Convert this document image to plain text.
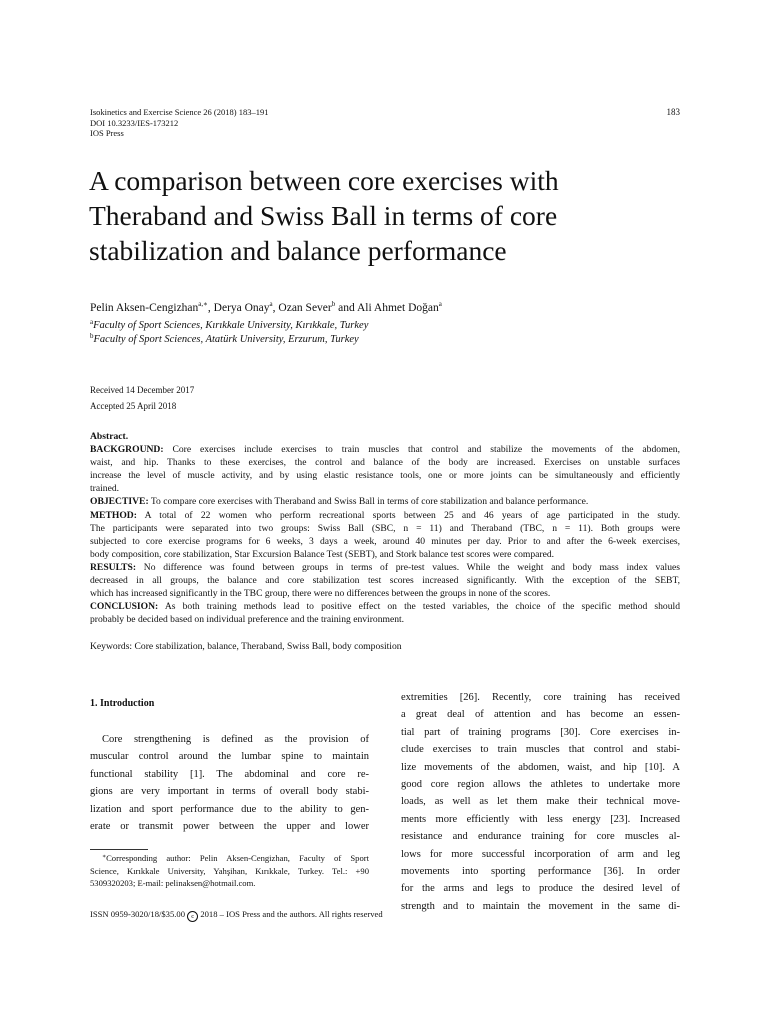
Isokinetics and Exercise Science 26 (2018) 183–191
DOI 10.3233/IES-173212
IOS Press
183
A comparison between core exercises with
Theraband and Swiss Ball in terms of core
stabilization and balance performance
Pelin Aksen-Cengizhan$^{a,∗}$, Derya Onay$^a$, Ozan Sever$^b$ and Ali Ahmet Doğan$^a$
$^a$Faculty of Sport Sciences, Kırıkkale University, Kırıkkale, Turkey
$^b$Faculty of Sport Sciences, Atatürk University, Erzurum, Turkey
Received 14 December 2017
Accepted 25 April 2018
Abstract.
BACKGROUND: Core exercises include exercises to train muscles that control and stabilize the movements of the abdomen,
waist, and hip. Thanks to these exercises, the control and balance of the body are increased. Exercises on unstable surfaces
increase the level of muscle activity, and by using elastic resistance tools, one or more joints can be simultaneously and efficiently
trained.
OBJECTIVE: To compare core exercises with Theraband and Swiss Ball in terms of core stabilization and balance performance.
METHOD: A total of 22 women who perform recreational sports between 25 and 46 years of age participated in the study.
The participants were separated into two groups: Swiss Ball (SBC, n = 11) and Theraband (TBC, n = 11). Both groups were
subjected to core exercise programs for 6 weeks, 3 days a week, around 40 minutes per day. Prior to and after the 6-week exercises,
body composition, core stabilization, Star Excursion Balance Test (SEBT), and Stork balance test scores were compared.
RESULTS: No difference was found between groups in terms of pre-test values. While the weight and body mass index values
decreased in all groups, the balance and core stabilization test scores increased significantly. With the exception of the SEBT,
which has increased significantly in the TBC group, there were no differences between the groups in none of the scores.
CONCLUSION: As both training methods lead to positive effect on the tested variables, the choice of the specific method should
probably be decided based on individual preference and the training environment.
Keywords: Core stabilization, balance, Theraband, Swiss Ball, body composition
1. Introduction
Core strengthening is defined as the provision of
muscular control around the lumbar spine to maintain
functional stability [1]. The abdominal and core re-
gions are very important in terms of overall body stabi-
lization and sport performance due to the ability to gen-
erate or transmit power between the upper and lower
extremities [26]. Recently, core training has received
a great deal of attention and has become an essen-
tial part of training programs [30]. Core exercises in-
clude exercises to train muscles that control and stabi-
lize movements of the abdomen, waist, and hip [10]. A
good core region allows the athletes to undertake more
loads, as well as let them make their technical move-
ments more efficiently with less energy [23]. Increased
resistance and endurance training for core muscles al-
lows for more successful incorporation of arm and leg
movements into sporting performance [36]. In order
for the arms and legs to produce the desired level of
strength and to maintain the movement in the same di-
∗Corresponding author: Pelin Aksen-Cengizhan, Faculty of Sport
Science, Kırıkkale University, Yahşihan, Kırıkkale, Turkey. Tel.: +90
5309320203; E-mail: pelinaksen@hotmail.com.
ISSN 0959-3020/18/$35.00 c 2018 – IOS Press and the authors. All rights reserved
